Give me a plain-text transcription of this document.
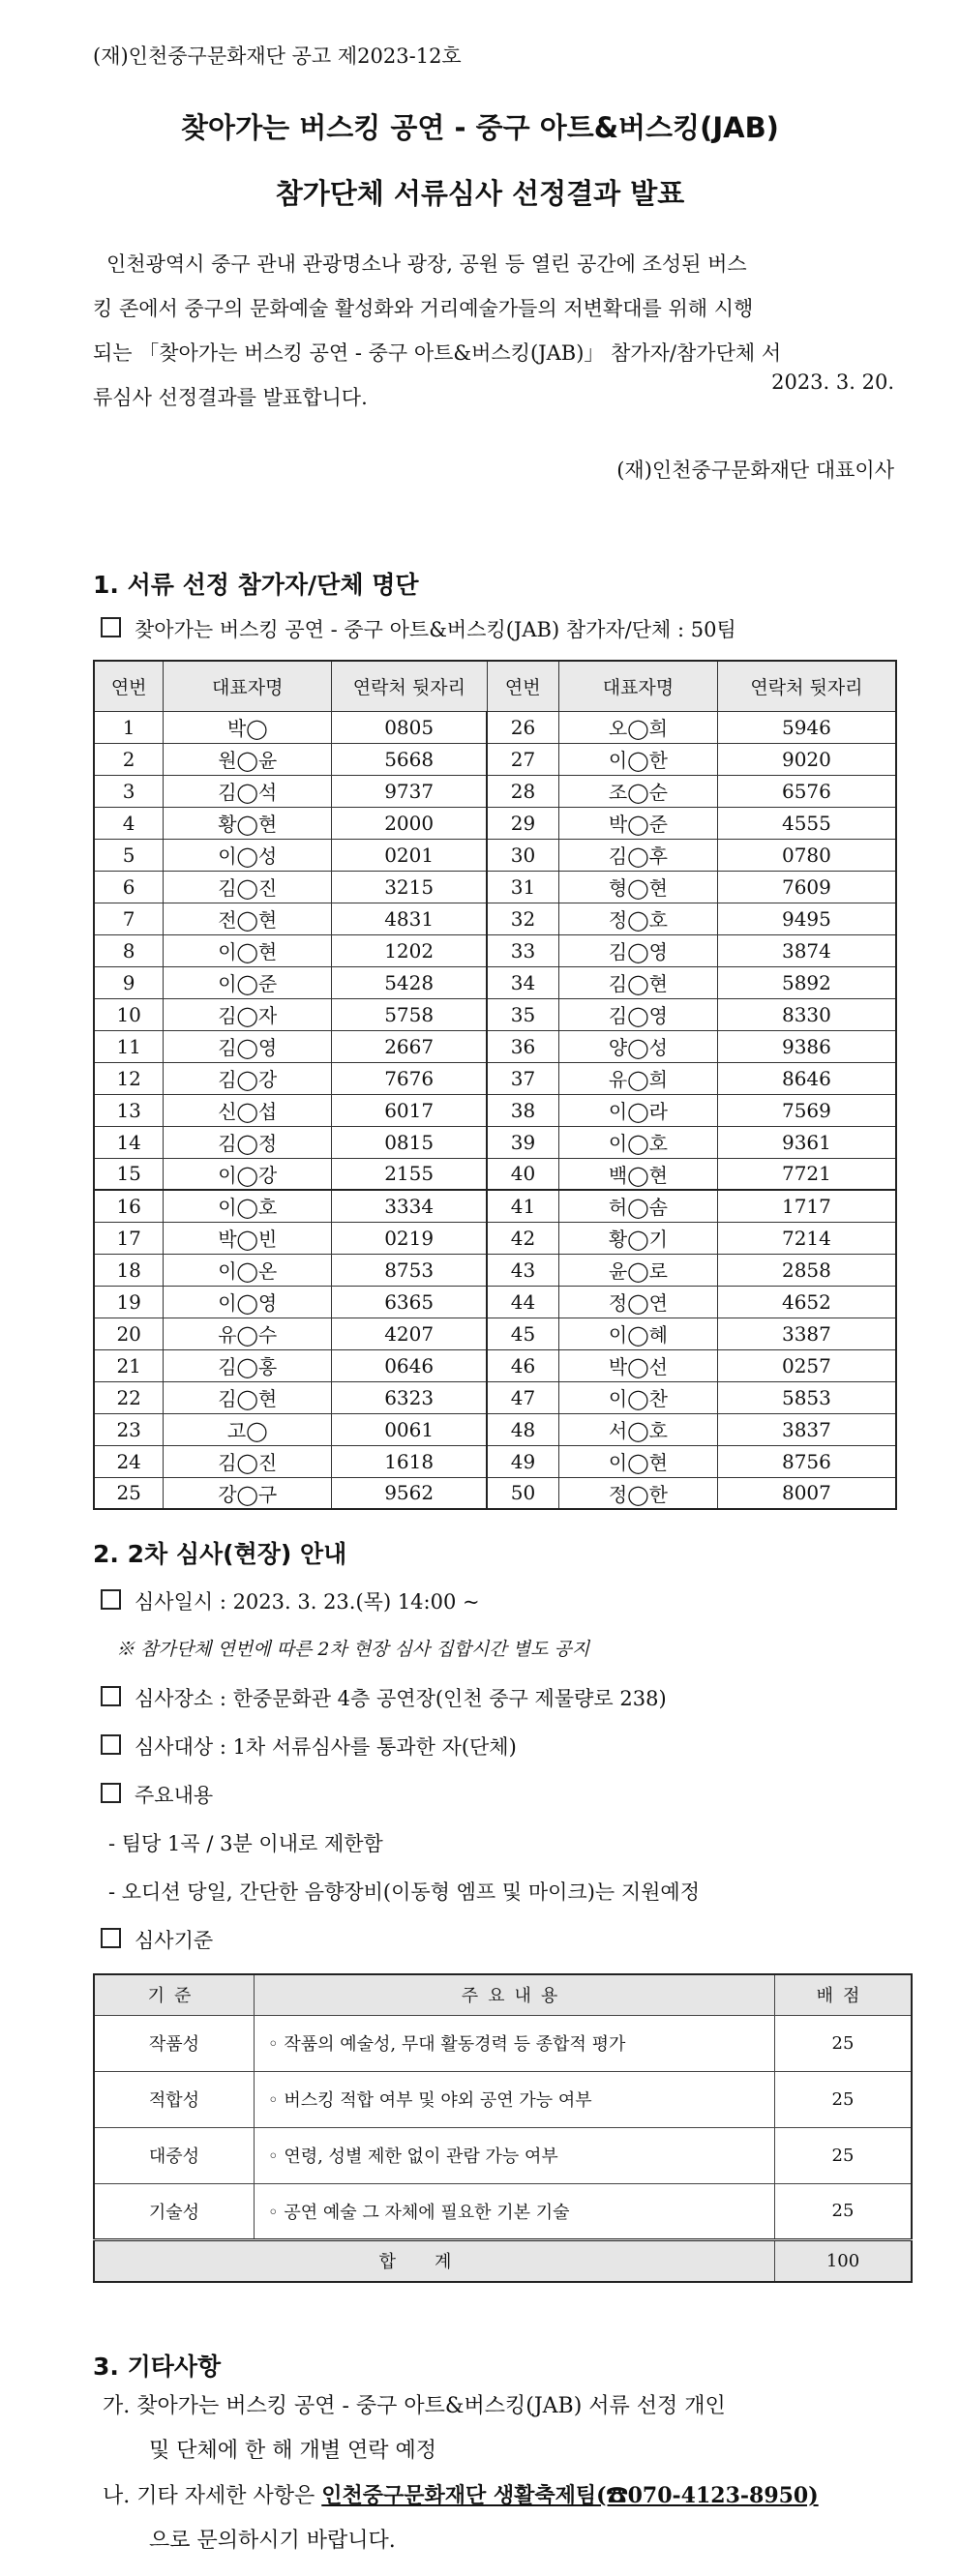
(재)인천중구문화재단 공고 제2023-12호
찾아가는 버스킹 공연 - 중구 아트&버스킹(JAB)
참가단체 서류심사 선정결과 발표
인천광역시 중구 관내 관광명소나 광장, 공원 등 열린 공간에 조성된 버스
킹 존에서 중구의 문화예술 활성화와 거리예술가들의 저변확대를 위해 시행
되는 「찾아가는 버스킹 공연 - 중구 아트&버스킹(JAB)」 참가자/참가단체 서
류심사 선정결과를 발표합니다.
2023. 3. 20.
(재)인천중구문화재단 대표이사
1. 서류 선정 참가자/단체 명단
찾아가는 버스킹 공연 - 중구 아트&버스킹(JAB) 참가자/단체 : 50팀
연번	대표자명	연락처 뒷자리	연번	대표자명	연락처 뒷자리
1	박◯	0805	26	오◯희	5946
2	원◯윤	5668	27	이◯한	9020
3	김◯석	9737	28	조◯순	6576
4	황◯현	2000	29	박◯준	4555
5	이◯성	0201	30	김◯후	0780
6	김◯진	3215	31	형◯현	7609
7	전◯현	4831	32	정◯호	9495
8	이◯현	1202	33	김◯영	3874
9	이◯준	5428	34	김◯현	5892
10	김◯자	5758	35	김◯영	8330
11	김◯영	2667	36	양◯성	9386
12	김◯강	7676	37	유◯희	8646
13	신◯섭	6017	38	이◯라	7569
14	김◯정	0815	39	이◯호	9361
15	이◯강	2155	40	백◯현	7721
16	이◯호	3334	41	허◯솜	1717
17	박◯빈	0219	42	황◯기	7214
18	이◯온	8753	43	윤◯로	2858
19	이◯영	6365	44	정◯연	4652
20	유◯수	4207	45	이◯혜	3387
21	김◯홍	0646	46	박◯선	0257
22	김◯현	6323	47	이◯찬	5853
23	고◯	0061	48	서◯호	3837
24	김◯진	1618	49	이◯현	8756
25	강◯구	9562	50	정◯한	8007
2. 2차 심사(현장) 안내
심사일시 : 2023. 3. 23.(목) 14:00 ~
※ 참가단체 연번에 따른 2차 현장 심사 집합시간 별도 공지
심사장소 : 한중문화관 4층 공연장(인천 중구 제물량로 238)
심사대상 : 1차 서류심사를 통과한 자(단체)
주요내용
- 팀당 1곡 / 3분 이내로 제한함
- 오디션 당일, 간단한 음향장비(이동형 엠프 및 마이크)는 지원예정
심사기준
기준	주요내용	배점
작품성	◦ 작품의 예술성, 무대 활동경력 등 종합적 평가	25
적합성	◦ 버스킹 적합 여부 및 야외 공연 가능 여부	25
대중성	◦ 연령, 성별 제한 없이 관람 가능 여부	25
기술성	◦ 공연 예술 그 자체에 필요한 기본 기술	25
합계		100
3. 기타사항
가. 찾아가는 버스킹 공연 - 중구 아트&버스킹(JAB) 서류 선정 개인
및 단체에 한 해 개별 연락 예정
나. 기타 자세한 사항은 인천중구문화재단 생활축제팀(☎070-4123-8950)
으로 문의하시기 바랍니다.
